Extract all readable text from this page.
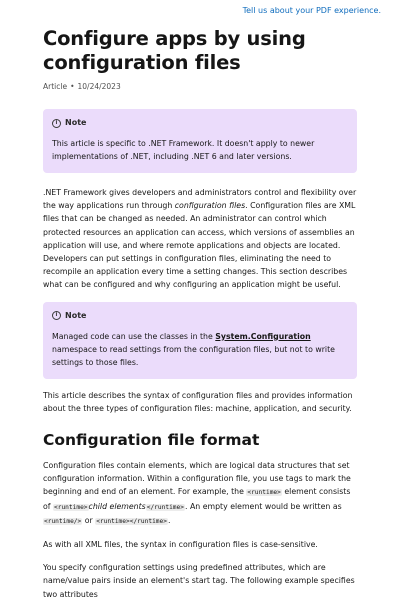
Tell us about your PDF experience.
Configure apps by using configuration files
Article • 10/24/2023
i Note
This article is specific to .NET Framework. It doesn't apply to newer implementations of .NET, including .NET 6 and later versions.

.NET Framework gives developers and administrators control and flexibility over the way applications run through configuration files. Configuration files are XML files that can be changed as needed. An administrator can control which protected resources an application can access, which versions of assemblies an application will use, and where remote applications and objects are located. Developers can put settings in configuration files, eliminating the need to recompile an application every time a setting changes. This section describes what can be configured and why configuring an application might be useful.

i Note
Managed code can use the classes in the System.Configuration namespace to read settings from the configuration files, but not to write settings to those files.

This article describes the syntax of configuration files and provides information about the three types of configuration files: machine, application, and security.

Configuration file format

Configuration files contain elements, which are logical data structures that set configuration information. Within a configuration file, you use tags to mark the beginning and end of an element. For example, the <runtime> element consists of <runtime>child elements</runtime>. An empty element would be written as <runtime/> or <runtime></runtime>.

As with all XML files, the syntax in configuration files is case-sensitive.

You specify configuration settings using predefined attributes, which are name/value pairs inside an element's start tag. The following example specifies two attributes
